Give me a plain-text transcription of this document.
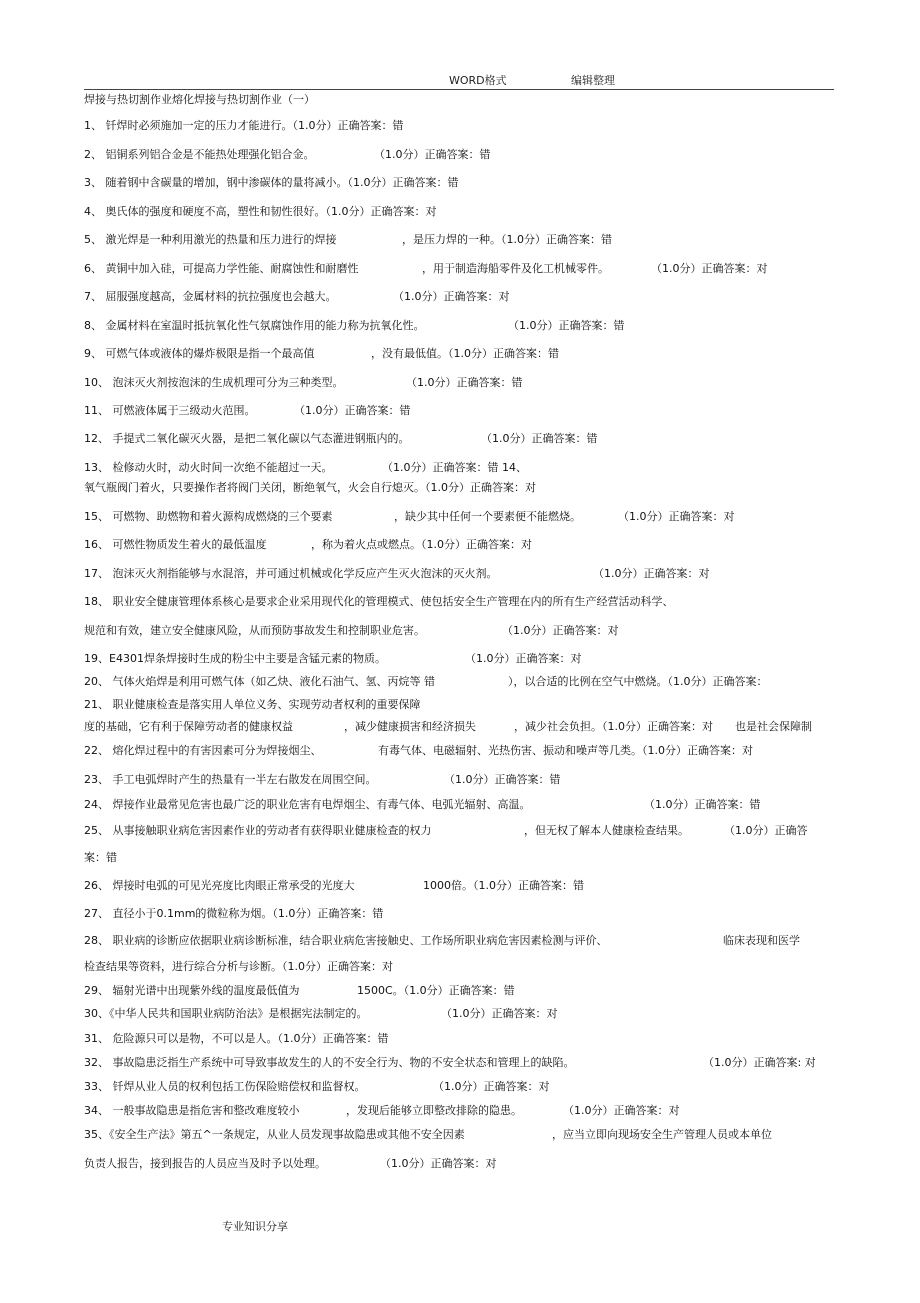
WORD格式	编辑整理
焊接与热切割作业熔化焊接与热切割作业（一）
1、 钎焊时必须施加一定的压力才能进行。（1.0分）正确答案：错
2、 铝铜系列铝合金是不能热处理强化铝合金。	（1.0分）正确答案：错
3、 随着钢中含碳量的增加，钢中渗碳体的量将减小。（1.0分）正确答案：错
4、 奥氏体的强度和硬度不高，塑性和韧性很好。（1.0分）正确答案：对
5、 激光焊是一种利用激光的热量和压力进行的焊接	，是压力焊的一种。（1.0分）正确答案：错
6、 黄铜中加入硅，可提高力学性能、耐腐蚀性和耐磨性	，用于制造海船零件及化工机械零件。	（1.0分）正确答案：对
7、 屈服强度越高，金属材料的抗拉强度也会越大。	（1.0分）正确答案：对
8、 金属材料在室温时抵抗氧化性气氛腐蚀作用的能力称为抗氧化性。	（1.0分）正确答案：错
9、 可燃气体或液体的爆炸极限是指一个最高值	，没有最低值。（1.0分）正确答案：错
10、 泡沫灭火剂按泡沫的生成机理可分为三种类型。	（1.0分）正确答案：错
11、 可燃液体属于三级动火范围。	（1.0分）正确答案：错
12、 手提式二氧化碳灭火器，是把二氧化碳以气态灌进钢瓶内的。	（1.0分）正确答案：错
13、 检修动火时，动火时间一次绝不能超过一天。	（1.0分）正确答案：错 14、
氧气瓶阀门着火，只要操作者将阀门关闭，断绝氧气，火会自行熄灭。（1.0分）正确答案：对
15、 可燃物、助燃物和着火源构成燃烧的三个要素	，缺少其中任何一个要素便不能燃烧。	（1.0分）正确答案：对
16、 可燃性物质发生着火的最低温度	，称为着火点或燃点。（1.0分）正确答案：对
17、 泡沫灭火剂指能够与水混溶，并可通过机械或化学反应产生灭火泡沫的灭火剂。	（1.0分）正确答案：对
18、 职业安全健康管理体系核心是要求企业采用现代化的管理模式、使包括安全生产管理在内的所有生产经营活动科学、
规范和有效，建立安全健康风险，从而预防事故发生和控制职业危害。	（1.0分）正确答案：对
19、E4301焊条焊接时生成的粉尘中主要是含锰元素的物质。	（1.0分）正确答案：对
20、 气体火焰焊是利用可燃气体（如乙炔、液化石油气、氢、丙烷等 错	），以合适的比例在空气中燃烧。（1.0分）正确答案：
21、 职业健康检查是落实用人单位义务、实现劳动者权利的重要保障
度的基础，它有利于保障劳动者的健康权益	，减少健康损害和经济损失	，减少社会负担。（1.0分）正确答案：对 也是社会保障制
22、 熔化焊过程中的有害因素可分为焊接烟尘、	有毒气体、电磁辐射、光热伤害、振动和噪声等几类。（1.0分）正确答案：对
23、 手工电弧焊时产生的热量有一半左右散发在周围空间。	（1.0分）正确答案：错
24、 焊接作业最常见危害也最广泛的职业危害有电焊烟尘、有毒气体、电弧光辐射、高温。	（1.0分）正确答案：错
25、 从事接触职业病危害因素作业的劳动者有获得职业健康检查的权力	，但无权了解本人健康检查结果。	（1.0分）正确答
案：错
26、 焊接时电弧的可见光亮度比肉眼正常承受的光度大	1000倍。（1.0分）正确答案：错
27、 直径小于0.1mm的微粒称为烟。（1.0分）正确答案：错
28、 职业病的诊断应依据职业病诊断标准，结合职业病危害接触史、工作场所职业病危害因素检测与评价、	临床表现和医学
检查结果等资料，进行综合分析与诊断。（1.0分）正确答案：对
29、 辐射光谱中出现紫外线的温度最低值为	1500C。（1.0分）正确答案：错
30、《中华人民共和国职业病防治法》是根据宪法制定的。	（1.0分）正确答案：对
31、 危险源只可以是物，不可以是人。（1.0分）正确答案：错
32、 事故隐患泛指生产系统中可导致事故发生的人的不安全行为、物的不安全状态和管理上的缺陷。	（1.0分）正确答案: 对
33、 钎焊从业人员的权利包括工伤保险赔偿权和监督权。	（1.0分）正确答案：对
34、 一般事故隐患是指危害和整改难度较小	，发现后能够立即整改排除的隐患。	（1.0分）正确答案：对
35、《安全生产法》第五^一条规定，从业人员发现事故隐患或其他不安全因素	，应当立即向现场安全生产管理人员或本单位
负责人报告，接到报告的人员应当及时予以处理。	（1.0分）正确答案：对
专业知识分享
